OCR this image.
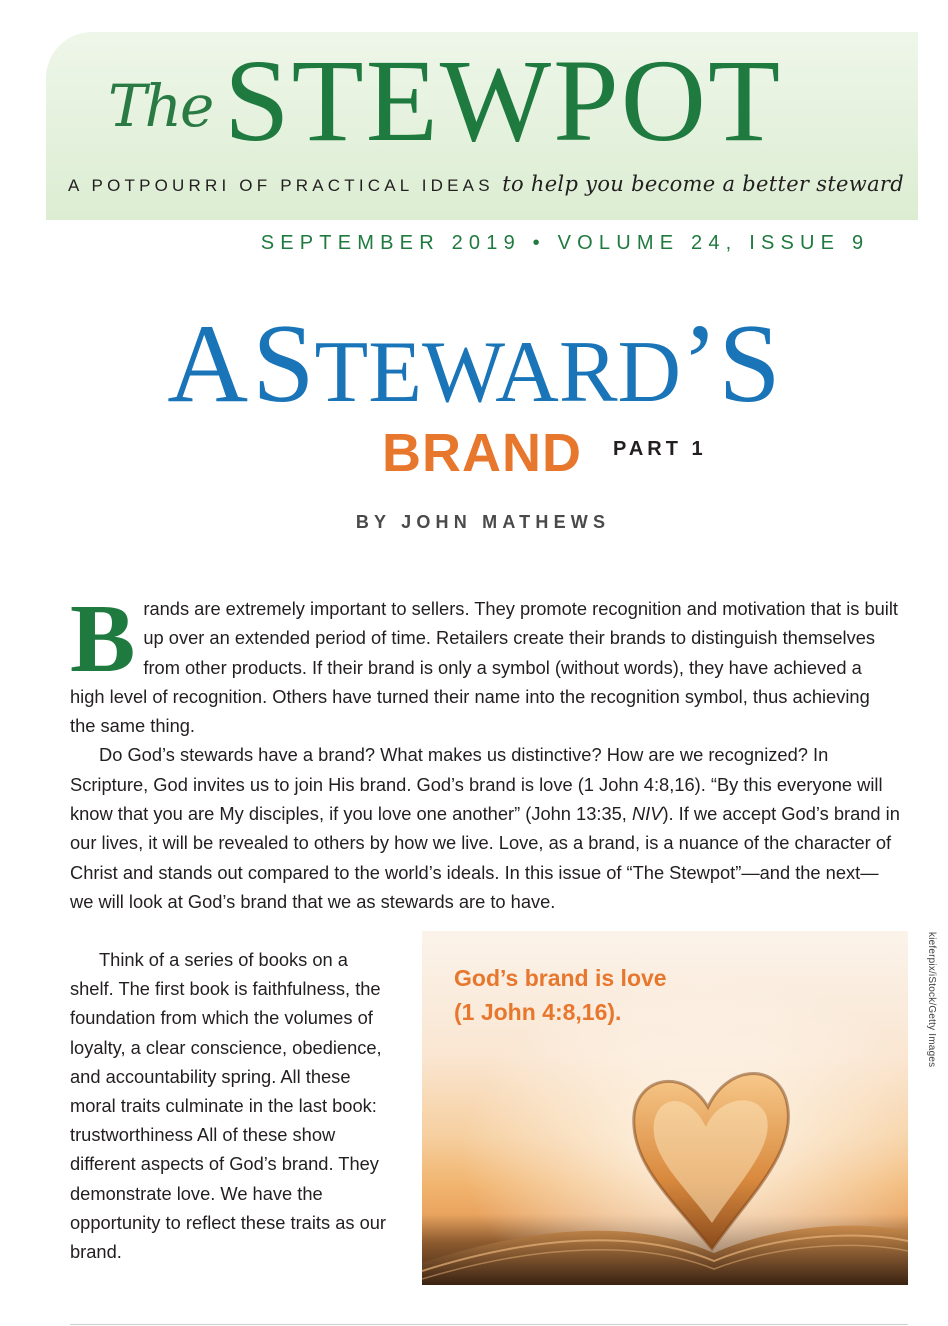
The STEWPOT
A POTPOURRI OF PRACTICAL IDEAS to help you become a better steward
SEPTEMBER 2019 • VOLUME 24, ISSUE 9
A STEWARD’S
BRAND PART 1
BY JOHN MATHEWS

Brands are extremely important to sellers. They promote recognition and motivation that is built up over an extended period of time. Retailers create their brands to distinguish themselves from other products. If their brand is only a symbol (without words), they have achieved a high level of recognition. Others have turned their name into the recognition symbol, thus achieving the same thing.

Do God’s stewards have a brand? What makes us distinctive? How are we recognized? In Scripture, God invites us to join His brand. God’s brand is love (1 John 4:8,16). “By this everyone will know that you are My disciples, if you love one another” (John 13:35, NIV). If we accept God’s brand in our lives, it will be revealed to others by how we live. Love, as a brand, is a nuance of the character of Christ and stands out compared to the world’s ideals. In this issue of “The Stewpot”—and the next—we will look at God’s brand that we as stewards are to have.

Think of a series of books on a shelf. The first book is faithfulness, the foundation from which the volumes of loyalty, a clear conscience, obedience, and accountability spring. All these moral traits culminate in the last book: trustworthiness All of these show different aspects of God’s brand. They demonstrate love. We have the opportunity to reflect these traits as our brand.

God’s brand is love
(1 John 4:8,16).	kieferpix/iStock/Getty Images
